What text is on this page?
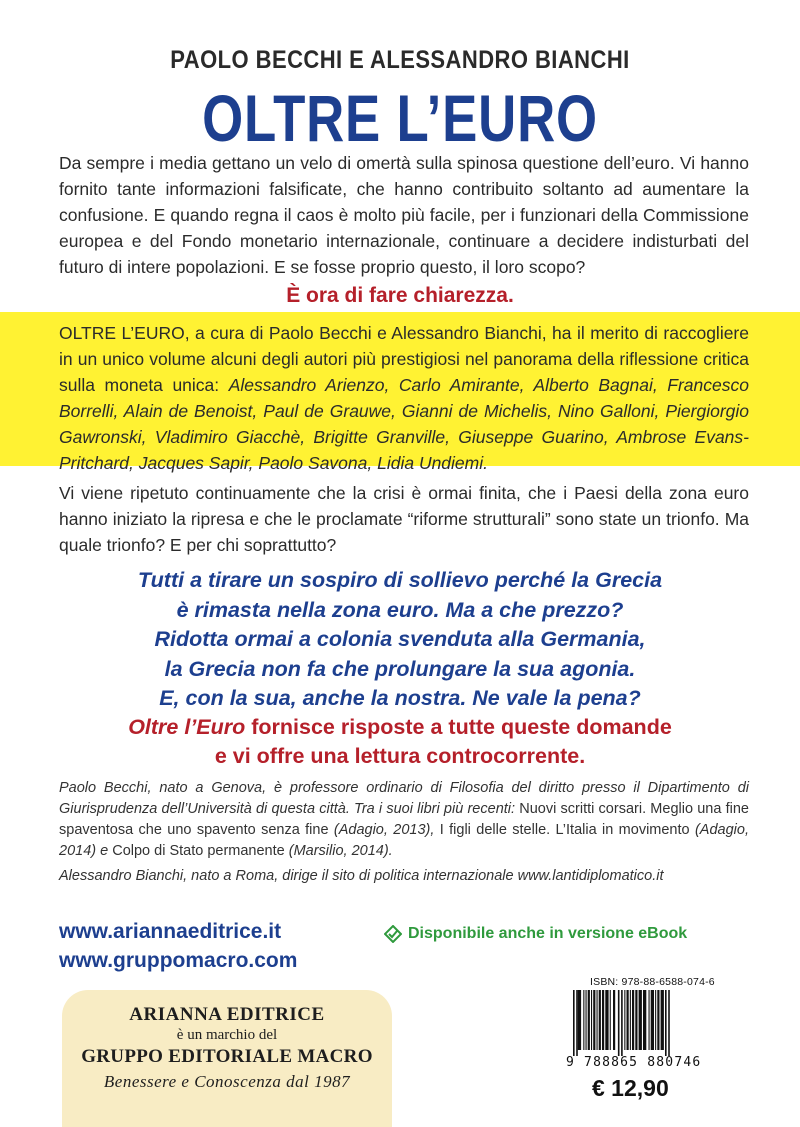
PAOLO BECCHI E ALESSANDRO BIANCHI
OLTRE L’EURO
Da sempre i media gettano un velo di omertà sulla spinosa questione dell’euro. Vi hanno fornito tante informazioni falsificate, che hanno contribuito soltanto ad aumentare la confusione. E quando regna il caos è molto più facile, per i funzionari della Commissione europea e del Fondo monetario internazionale, continuare a decidere indisturbati del futuro di intere popolazioni. E se fosse proprio questo, il loro scopo?
È ora di fare chiarezza.
OLTRE L’EURO, a cura di Paolo Becchi e Alessandro Bianchi, ha il merito di raccogliere in un unico volume alcuni degli autori più prestigiosi nel panorama della riflessione critica sulla moneta unica: Alessandro Arienzo, Carlo Amirante, Alberto Bagnai, Francesco Borrelli, Alain de Benoist, Paul de Grauwe, Gianni de Michelis, Nino Galloni, Piergiorgio Gawronski, Vladimiro Giacchè, Brigitte Granville, Giuseppe Guarino, Ambrose Evans-Pritchard, Jacques Sapir, Paolo Savona, Lidia Undiemi.
Vi viene ripetuto continuamente che la crisi è ormai finita, che i Paesi della zona euro hanno iniziato la ripresa e che le proclamate “riforme strutturali” sono state un trionfo. Ma quale trionfo? E per chi soprattutto?
Tutti a tirare un sospiro di sollievo perché la Grecia
è rimasta nella zona euro. Ma a che prezzo?
Ridotta ormai a colonia svenduta alla Germania,
la Grecia non fa che prolungare la sua agonia.
E, con la sua, anche la nostra. Ne vale la pena?
Oltre l’Euro fornisce risposte a tutte queste domande
e vi offre una lettura controcorrente.
Paolo Becchi, nato a Genova, è professore ordinario di Filosofia del diritto presso il Dipartimento di Giurisprudenza dell’Università di questa città. Tra i suoi libri più recenti: Nuovi scritti corsari. Meglio una fine spaventosa che uno spavento senza fine (Adagio, 2013), I figli delle stelle. L’Italia in movimento (Adagio, 2014) e Colpo di Stato permanente (Marsilio, 2014).
Alessandro Bianchi, nato a Roma, dirige il sito di politica internazionale www.lantidiplomatico.it
www.ariannaeditrice.it
www.gruppomacro.com
Disponibile anche in versione eBook
ARIANNA EDITRICE
è un marchio del
GRUPPO EDITORIALE MACRO
Benessere e Conoscenza dal 1987
ISBN: 978-88-6588-074-6
9 788865 880746
€ 12,90
